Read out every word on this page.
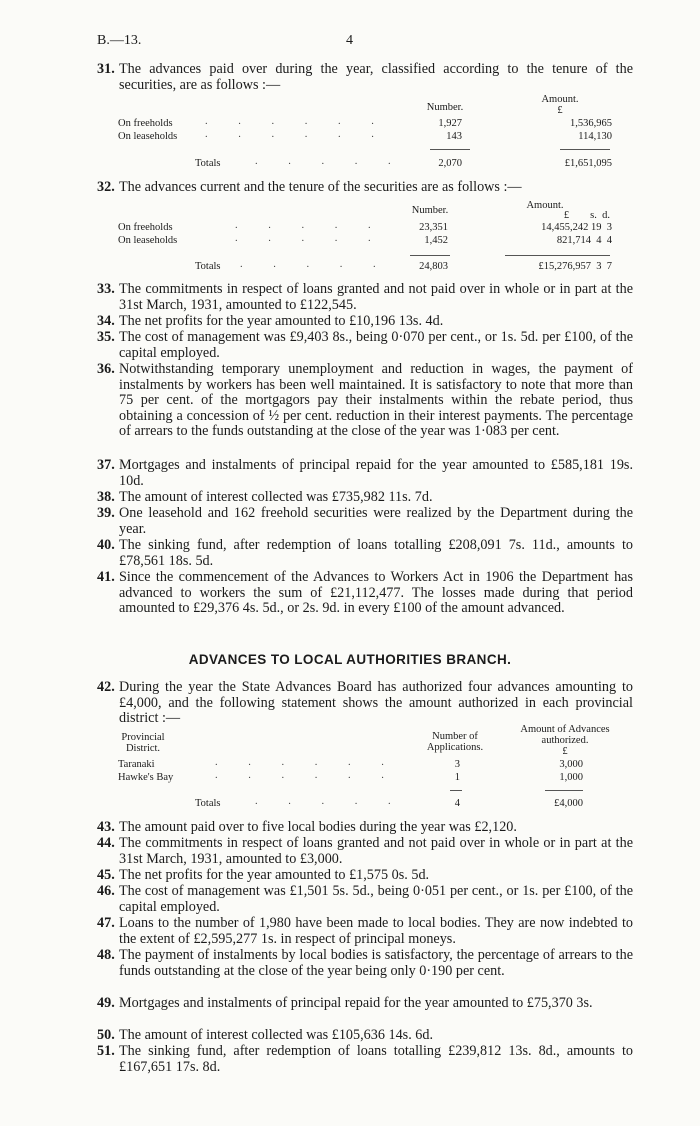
B.—13.	4
31. The advances paid over during the year, classified according to the tenure of the securities, are as follows :—
Number.
Amount.
£
On freeholds	. . . . . .	1,927	1,536,965
On leaseholds	. . . . . .	143	114,130
Totals	. . . . .	2,070	£1,651,095
32. The advances current and the tenure of the securities are as follows :—
Number.	Amount.
£        s.  d.
On freeholds	. . . . .	23,351	14,455,242 19  3
On leaseholds	. . . . .	1,452	821,714  4  4
Totals . . . . .	24,803	£15,276,957  3  7
33. The commitments in respect of loans granted and not paid over in whole or in part at the 31st March, 1931, amounted to £122,545.
34. The net profits for the year amounted to £10,196 13s. 4d.
35. The cost of management was £9,403 8s., being 0·070 per cent., or 1s. 5d. per £100, of the capital employed.
36. Notwithstanding temporary unemployment and reduction in wages, the payment of instalments by workers has been well maintained. It is satisfactory to note that more than 75 per cent. of the mortgagors pay their instalments within the rebate period, thus obtaining a concession of ½ per cent. reduction in their interest payments. The percentage of arrears to the funds outstanding at the close of the year was 1·083 per cent.
37. Mortgages and instalments of principal repaid for the year amounted to £585,181 19s. 10d.
38. The amount of interest collected was £735,982 11s. 7d.
39. One leasehold and 162 freehold securities were realized by the Department during the year.
40. The sinking fund, after redemption of loans totalling £208,091 7s. 11d., amounts to £78,561 18s. 5d.
41. Since the commencement of the Advances to Workers Act in 1906 the Department has advanced to workers the sum of £21,112,477. The losses made during that period amounted to £29,376 4s. 5d., or 2s. 9d. in every £100 of the amount advanced.
ADVANCES TO LOCAL AUTHORITIES BRANCH.
42. During the year the State Advances Board has authorized four advances amounting to £4,000, and the following statement shows the amount authorized in each provincial district :—
Provincial
District.
Number of
Applications.
Amount of Advances
authorized.
£
Taranaki	. . . . . .	3	3,000
Hawke's Bay	. . . . . .	1	1,000
Totals	. . . . .	4	£4,000
43. The amount paid over to five local bodies during the year was £2,120.
44. The commitments in respect of loans granted and not paid over in whole or in part at the 31st March, 1931, amounted to £3,000.
45. The net profits for the year amounted to £1,575 0s. 5d.
46. The cost of management was £1,501 5s. 5d., being 0·051 per cent., or 1s. per £100, of the capital employed.
47. Loans to the number of 1,980 have been made to local bodies. They are now indebted to the extent of £2,595,277 1s. in respect of principal moneys.
48. The payment of instalments by local bodies is satisfactory, the percentage of arrears to the funds outstanding at the close of the year being only 0·190 per cent.
49. Mortgages and instalments of principal repaid for the year amounted to £75,370 3s.
50. The amount of interest collected was £105,636 14s. 6d.
51. The sinking fund, after redemption of loans totalling £239,812 13s. 8d., amounts to £167,651 17s. 8d.
